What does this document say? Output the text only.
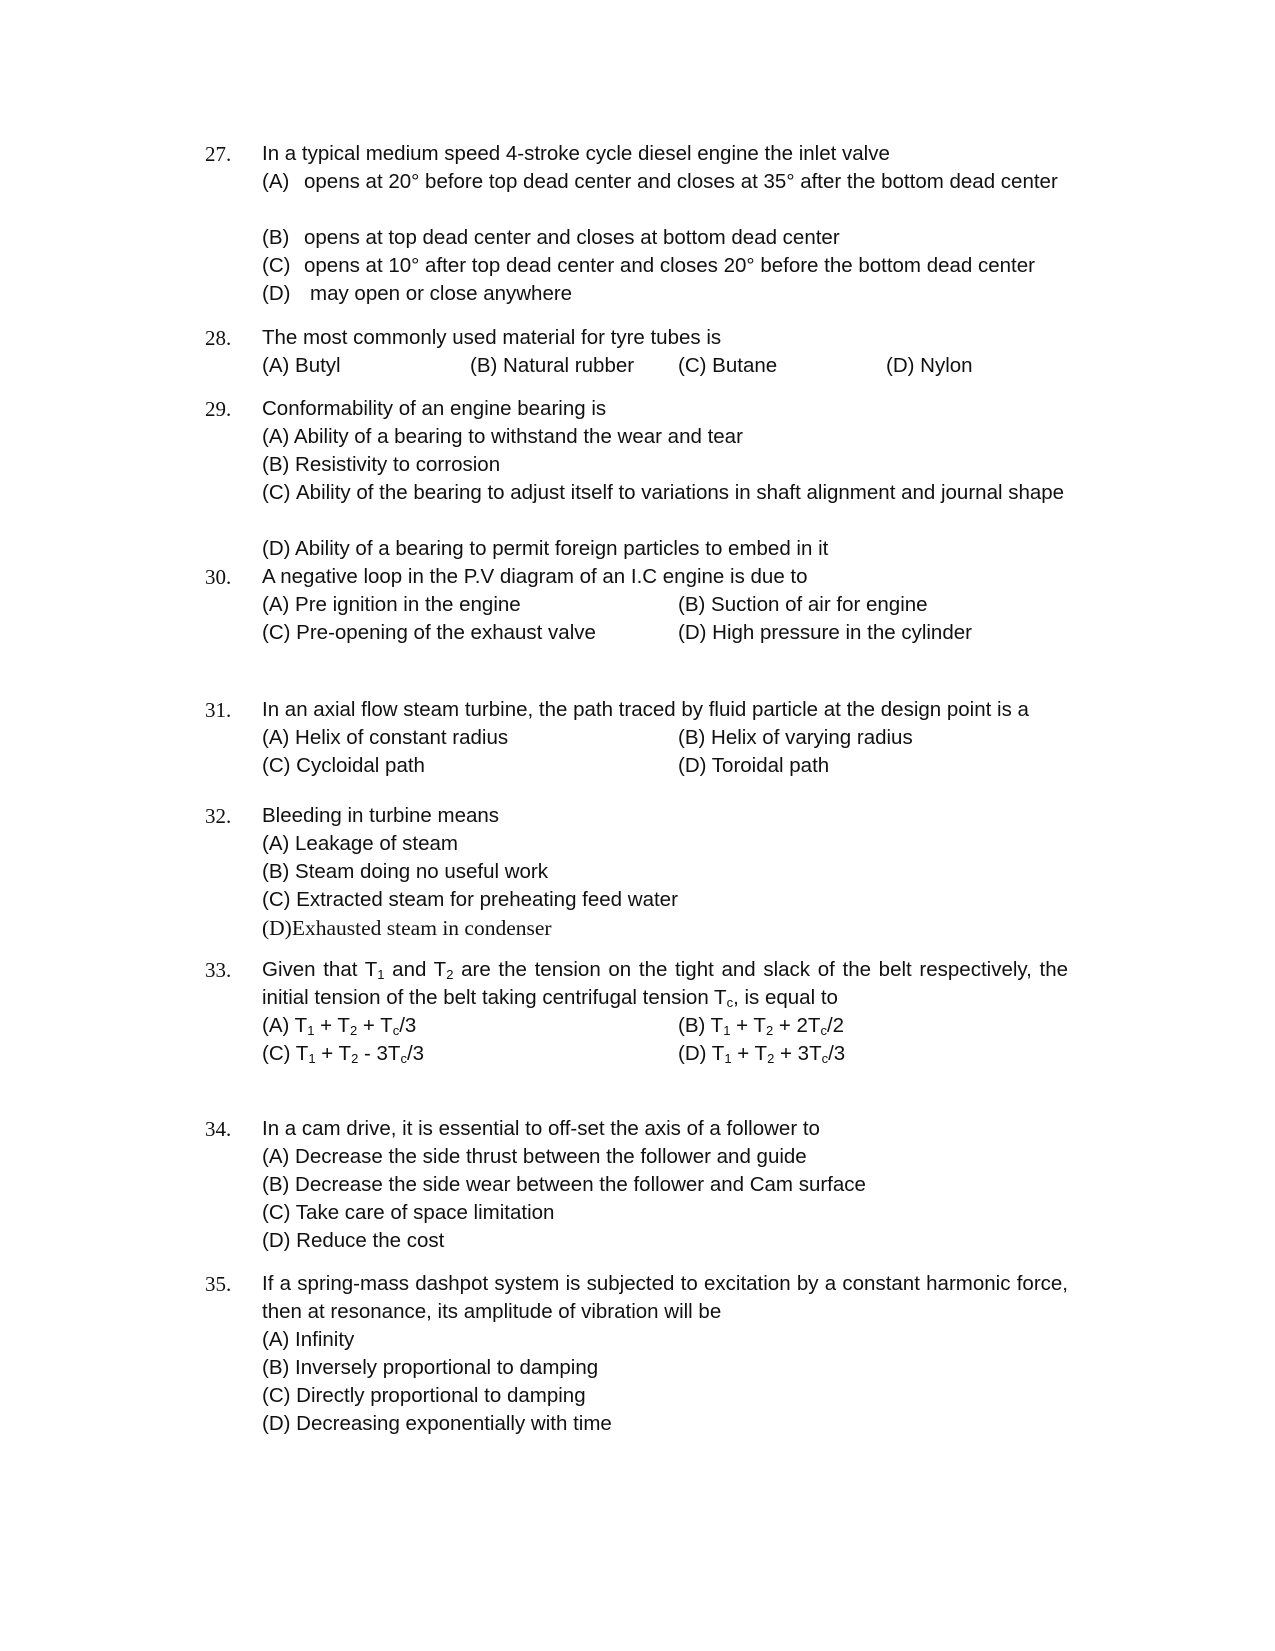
27. In a typical medium speed 4-stroke cycle diesel engine the inlet valve
(A) opens at 20° before top dead center and closes at 35° after the bottom dead center
(B) opens at top dead center and closes at bottom dead center
(C) opens at 10° after top dead center and closes 20° before the bottom dead center
(D) may open or close anywhere
28. The most commonly used material for tyre tubes is
(A) Butyl	(B) Natural rubber (C) Butane	(D) Nylon
29. Conformability of an engine bearing is
(A) Ability of a bearing to withstand the wear and tear
(B) Resistivity to corrosion
(C) Ability of the bearing to adjust itself to variations in shaft alignment and journal shape
(D) Ability of a bearing to permit foreign particles to embed in it
30. A negative loop in the P.V diagram of an I.C engine is due to
(A) Pre ignition in the engine	(B) Suction of air for engine
(C) Pre-opening of the exhaust valve	(D) High pressure in the cylinder
31. In an axial flow steam turbine, the path traced by fluid particle at the design point is a
(A) Helix of constant radius	(B) Helix of varying radius
(C) Cycloidal path	(D) Toroidal path
32. Bleeding in turbine means
(A) Leakage of steam
(B) Steam doing no useful work
(C) Extracted steam for preheating feed water
(D)Exhausted steam in condenser
33. Given that $T_1$ and $T_2$ are the tension on the tight and slack of the belt respectively, the initial tension of the belt taking centrifugal tension $T_c$, is equal to
(A) $T_1 + T_2 + T_c/3$	(B) $T_1 + T_2 + 2T_c/2$
(C) $T_1 + T_2 - 3T_c/3$	(D) $T_1 + T_2 + 3T_c/3$
34. In a cam drive, it is essential to off-set the axis of a follower to
(A) Decrease the side thrust between the follower and guide
(B) Decrease the side wear between the follower and Cam surface
(C) Take care of space limitation
(D) Reduce the cost
35. If a spring-mass dashpot system is subjected to excitation by a constant harmonic force, then at resonance, its amplitude of vibration will be
(A) Infinity
(B) Inversely proportional to damping
(C) Directly proportional to damping
(D) Decreasing exponentially with time
